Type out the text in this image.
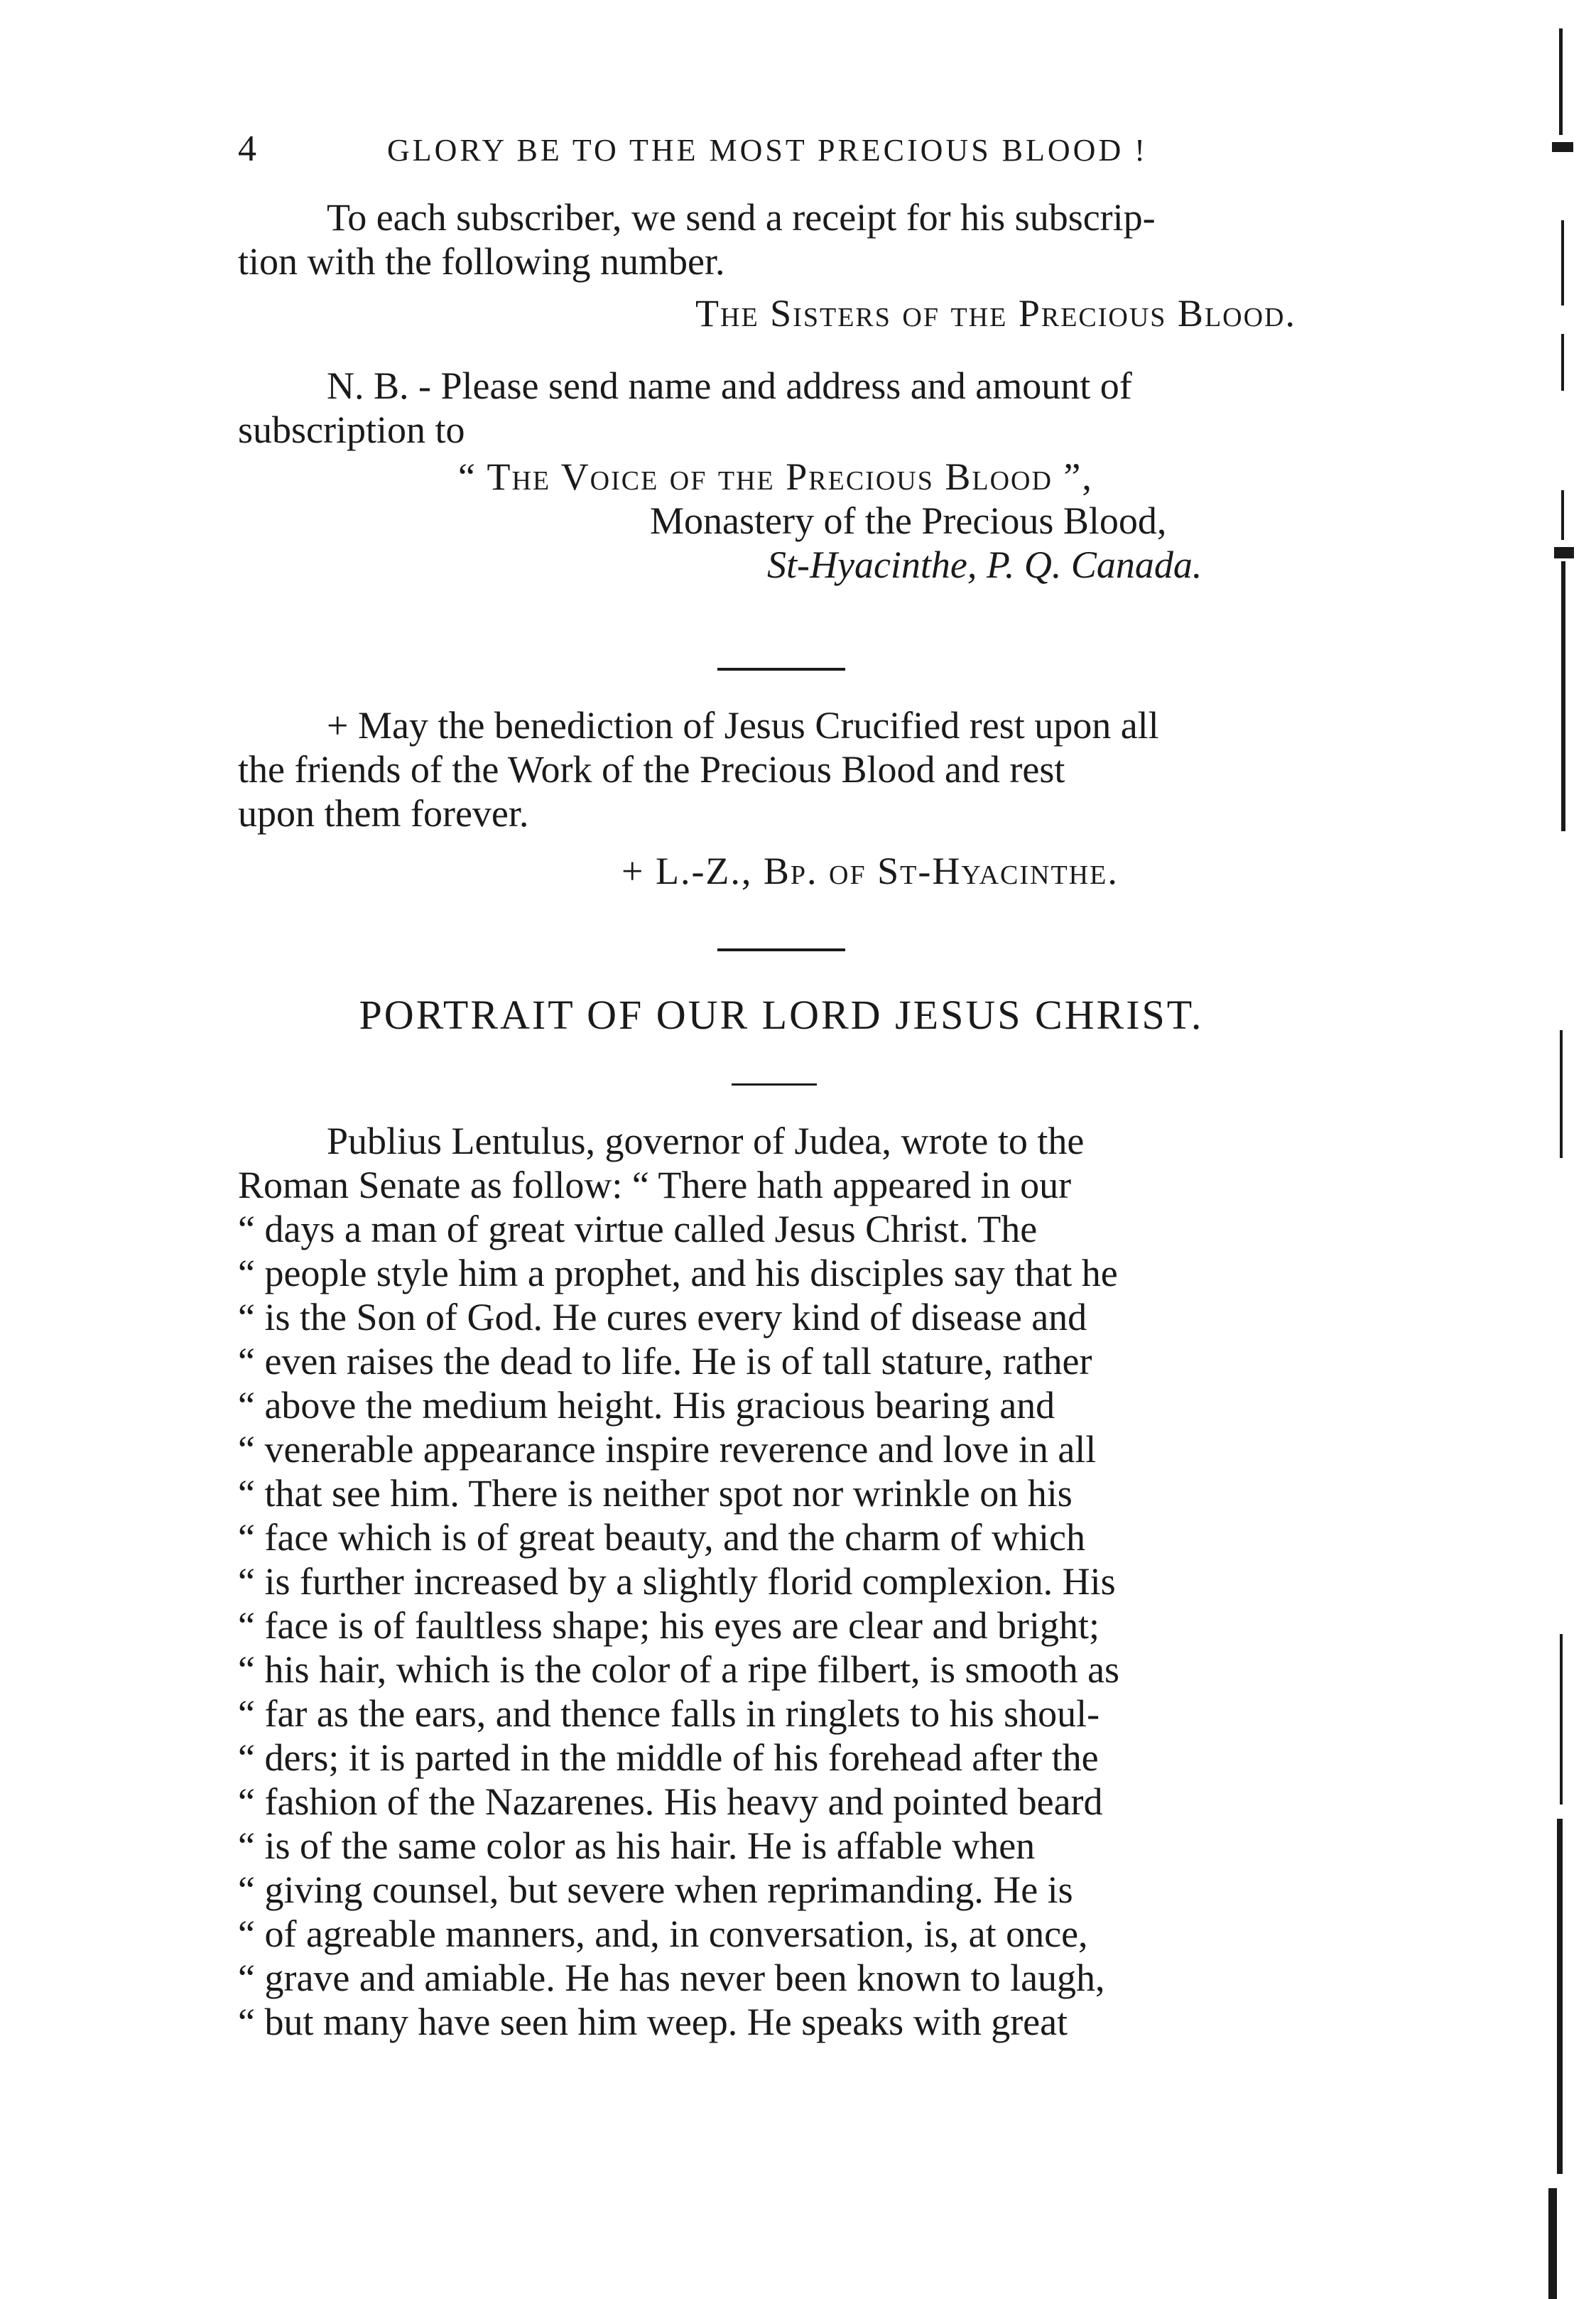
4	GLORY BE TO THE MOST PRECIOUS BLOOD !
To each subscriber, we send a receipt for his subscrip-
tion with the following number.
The Sisters of the Precious Blood.
N. B. - Please send name and address and amount of
subscription to
“ The Voice of the Precious Blood ”,
Monastery of the Precious Blood,
St-Hyacinthe, P. Q. Canada.
+ May the benediction of Jesus Crucified rest upon all
the friends of the Work of the Precious Blood and rest
upon them forever.
+ L.-Z., Bp. of St-Hyacinthe.
PORTRAIT OF OUR LORD JESUS CHRIST.
Publius Lentulus, governor of Judea, wrote to the
Roman Senate as follow: “ There hath appeared in our
“ days a man of great virtue called Jesus Christ. The
“ people style him a prophet, and his disciples say that he
“ is the Son of God. He cures every kind of disease and
“ even raises the dead to life. He is of tall stature, rather
“ above the medium height. His gracious bearing and
“ venerable appearance inspire reverence and love in all
“ that see him. There is neither spot nor wrinkle on his
“ face which is of great beauty, and the charm of which
“ is further increased by a slightly florid complexion. His
“ face is of faultless shape; his eyes are clear and bright;
“ his hair, which is the color of a ripe filbert, is smooth as
“ far as the ears, and thence falls in ringlets to his shoul-
“ ders; it is parted in the middle of his forehead after the
“ fashion of the Nazarenes. His heavy and pointed beard
“ is of the same color as his hair. He is affable when
“ giving counsel, but severe when reprimanding. He is
“ of agreable manners, and, in conversation, is, at once,
“ grave and amiable. He has never been known to laugh,
“ but many have seen him weep. He speaks with great
